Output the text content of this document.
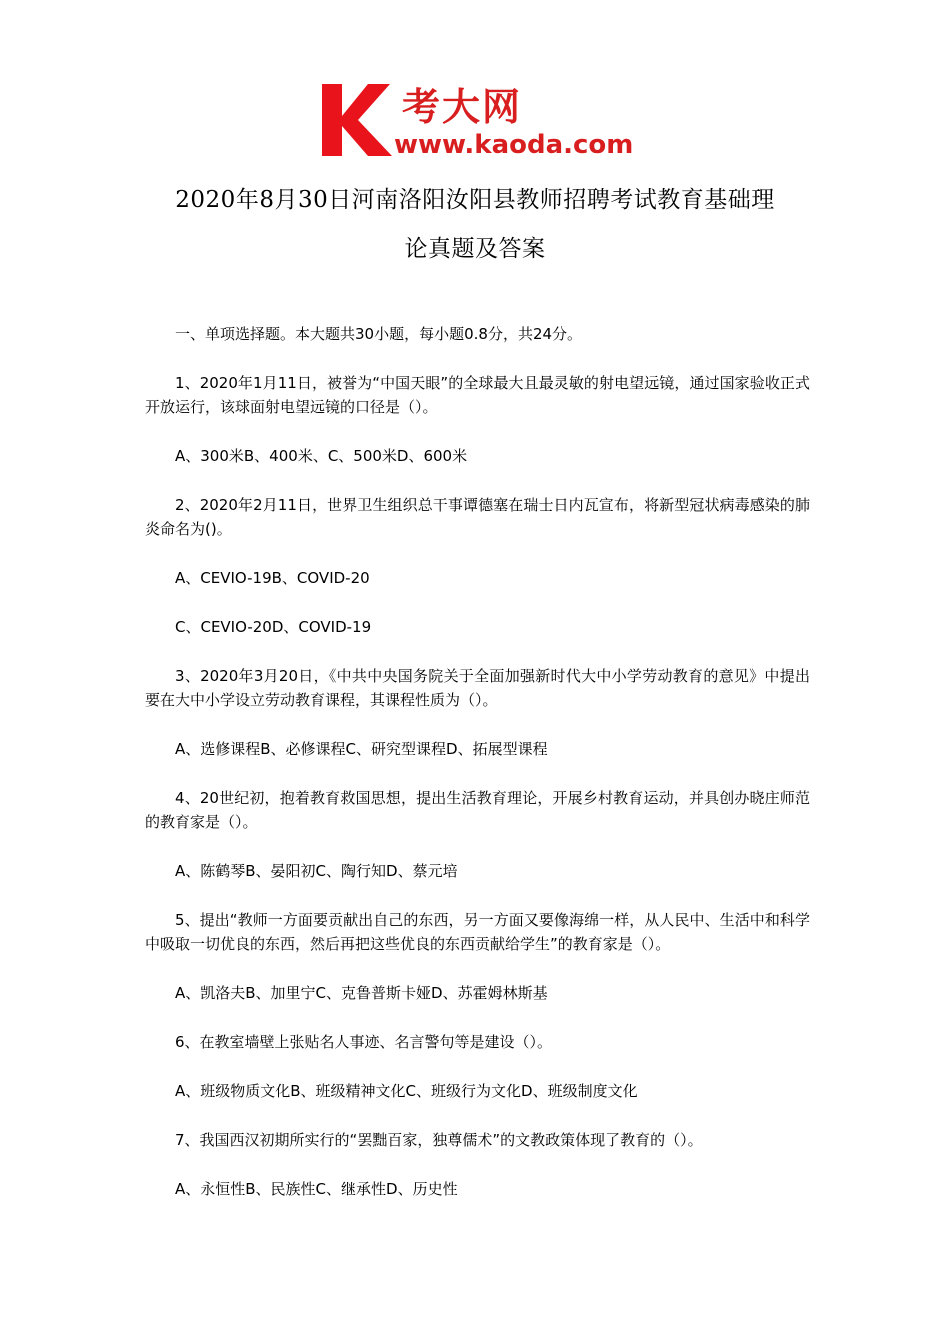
考大网
www.kaoda.com
2020年8月30日河南洛阳汝阳县教师招聘考试教育基础理
论真题及答案

一、单项选择题。本大题共30小题，每小题0.8分，共24分。

1、2020年1月11日，被誉为“中国天眼”的全球最大且最灵敏的射电望远镜，通过国家验收正式开放运行，该球面射电望远镜的口径是（）。

A、300米B、400米、C、500米D、600米

2、2020年2月11日，世界卫生组织总干事谭德塞在瑞士日内瓦宣布，将新型冠状病毒感染的肺炎命名为()。

A、CEVIO-19B、COVID-20

C、CEVIO-20D、COVID-19

3、2020年3月20日，《中共中央国务院关于全面加强新时代大中小学劳动教育的意见》中提出要在大中小学设立劳动教育课程，其课程性质为（）。

A、选修课程B、必修课程C、研究型课程D、拓展型课程

4、20世纪初，抱着教育救国思想，提出生活教育理论，开展乡村教育运动，并具创办晓庄师范的教育家是（）。

A、陈鹤琴B、晏阳初C、陶行知D、蔡元培

5、提出“教师一方面要贡献出自己的东西，另一方面又要像海绵一样，从人民中、生活中和科学中吸取一切优良的东西，然后再把这些优良的东西贡献给学生”的教育家是（）。

A、凯洛夫B、加里宁C、克鲁普斯卡娅D、苏霍姆林斯基

6、在教室墙壁上张贴名人事迹、名言警句等是建设（）。

A、班级物质文化B、班级精神文化C、班级行为文化D、班级制度文化

7、我国西汉初期所实行的“罢黜百家，独尊儒术”的文教政策体现了教育的（）。

A、永恒性B、民族性C、继承性D、历史性
